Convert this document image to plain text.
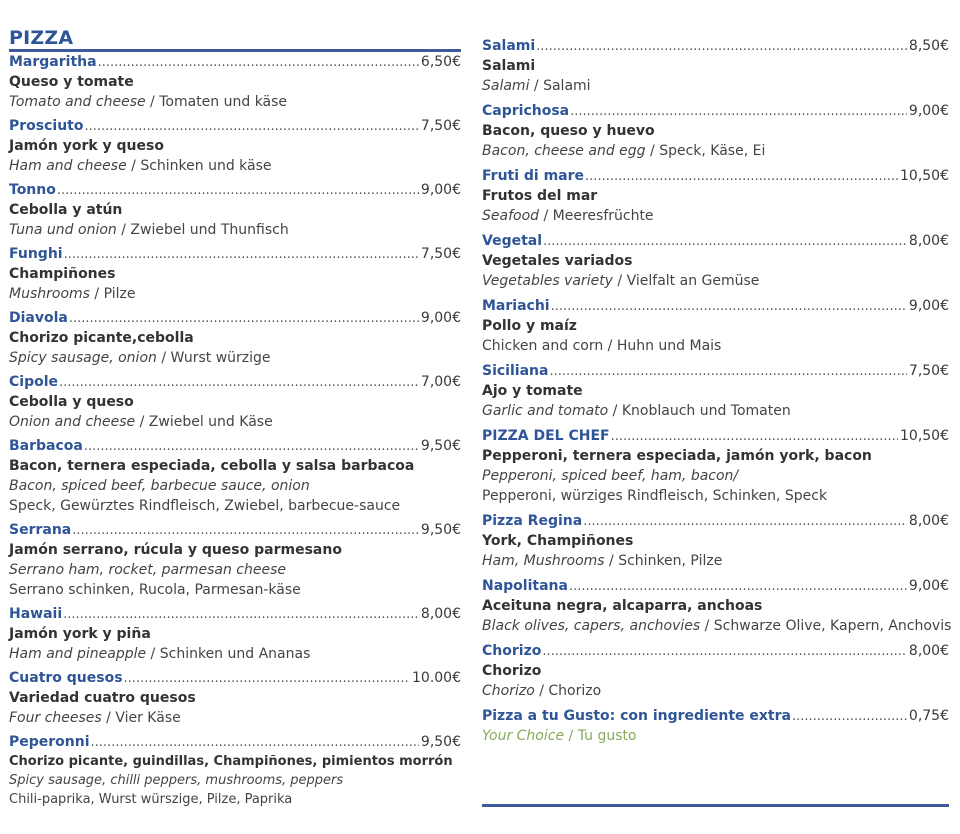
PIZZA
Margaritha .....	6,50€
Queso y tomate
Tomato and cheese / Tomaten und käse
Prosciuto .....	7,50€
Jamón york y queso
Ham and cheese / Schinken und käse
Tonno .....	9,00€
Cebolla y atún
Tuna und onion / Zwiebel und Thunfisch
Funghi .....	7,50€
Champiñones
Mushrooms / Pilze
Diavola .....	9,00€
Chorizo picante,cebolla
Spicy sausage, onion / Wurst würzige
Cipole .....	7,00€
Cebolla y queso
Onion and cheese / Zwiebel und Käse
Barbacoa .....	9,50€
Bacon, ternera especiada, cebolla y salsa barbacoa
Bacon, spiced beef, barbecue sauce, onion
Speck, Gewürztes Rindfleisch, Zwiebel, barbecue-sauce
Serrana .....	9,50€
Jamón serrano, rúcula y queso parmesano
Serrano ham, rocket, parmesan cheese
Serrano schinken, Rucola, Parmesan-käse
Hawaii .....	8,00€
Jamón york y piña
Ham and pineapple / Schinken und Ananas
Cuatro quesos .....	10.00€
Variedad cuatro quesos
Four cheeses / Vier Käse
Peperonni .....	9,50€
Chorizo picante, guindillas, Champiñones, pimientos morrón
Spicy sausage, chilli peppers, mushrooms, peppers
Chili-paprika, Wurst würszige, Pilze, Paprika
Salami .....	8,50€
Salami
Salami / Salami
Caprichosa .....	9,00€
Bacon, queso y huevo
Bacon, cheese and egg / Speck, Käse, Ei
Fruti di mare .....	10,50€
Frutos del mar
Seafood / Meeresfrüchte
Vegetal .....	8,00€
Vegetales variados
Vegetables variety / Vielfalt an Gemüse
Mariachi .....	9,00€
Pollo y maíz
Chicken and corn / Huhn und Mais
Siciliana .....	7,50€
Ajo y tomate
Garlic and tomato / Knoblauch und Tomaten
PIZZA DEL CHEF .....	10,50€
Pepperoni, ternera especiada, jamón york, bacon
Pepperoni, spiced beef, ham, bacon/
Pepperoni, würziges Rindfleisch, Schinken, Speck
Pizza Regina .....	8,00€
York, Champiñones
Ham, Mushrooms / Schinken, Pilze
Napolitana .....	9,00€
Aceituna negra, alcaparra, anchoas
Black olives, capers, anchovies / Schwarze Olive, Kapern, Anchovis
Chorizo .....	8,00€
Chorizo
Chorizo / Chorizo
Pizza a tu Gusto: con ingrediente extra .....	0,75€
Your Choice / Tu gusto
